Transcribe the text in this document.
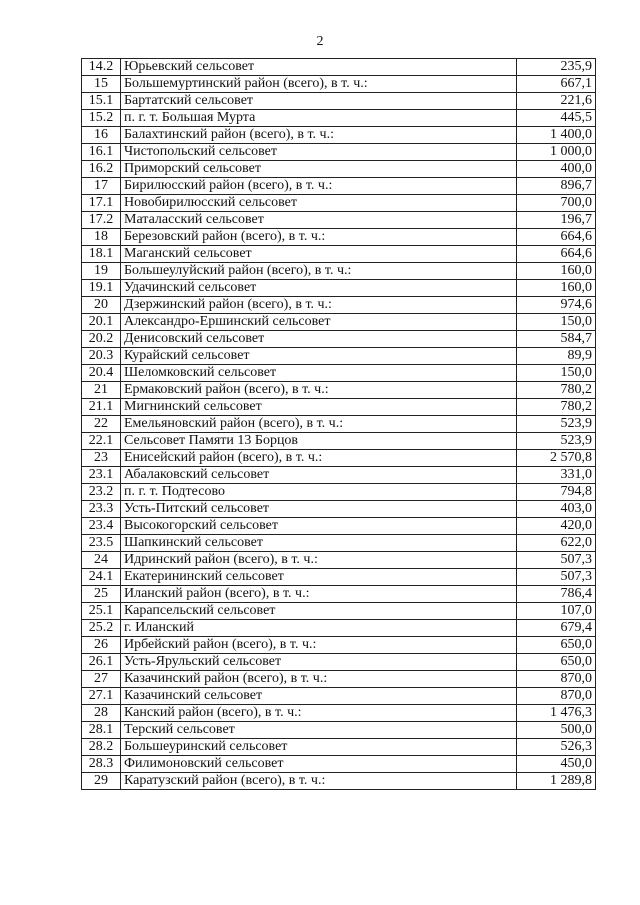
2
14.2	Юрьевский сельсовет	235,9
15	Большемуртинский район (всего), в т. ч.:	667,1
15.1	Бартатский сельсовет	221,6
15.2	п. г. т. Большая Мурта	445,5
16	Балахтинский район (всего), в т. ч.:	1 400,0
16.1	Чистопольский сельсовет	1 000,0
16.2	Приморский сельсовет	400,0
17	Бирилюсский район (всего), в т. ч.:	896,7
17.1	Новобирилюсский сельсовет	700,0
17.2	Маталасский сельсовет	196,7
18	Березовский район (всего), в т. ч.:	664,6
18.1	Маганский сельсовет	664,6
19	Большеулуйский район (всего), в т. ч.:	160,0
19.1	Удачинский сельсовет	160,0
20	Дзержинский район (всего), в т. ч.:	974,6
20.1	Александро-Ершинский сельсовет	150,0
20.2	Денисовский сельсовет	584,7
20.3	Курайский сельсовет	89,9
20.4	Шеломковский сельсовет	150,0
21	Ермаковский район (всего), в т. ч.:	780,2
21.1	Мигнинский сельсовет	780,2
22	Емельяновский район (всего), в т. ч.:	523,9
22.1	Сельсовет Памяти 13 Борцов	523,9
23	Енисейский район (всего), в т. ч.:	2 570,8
23.1	Абалаковский сельсовет	331,0
23.2	п. г. т. Подтесово	794,8
23.3	Усть-Питский сельсовет	403,0
23.4	Высокогорский сельсовет	420,0
23.5	Шапкинский сельсовет	622,0
24	Идринский район (всего), в т. ч.:	507,3
24.1	Екатерининский сельсовет	507,3
25	Иланский район (всего), в т. ч.:	786,4
25.1	Карапсельский сельсовет	107,0
25.2	г. Иланский	679,4
26	Ирбейский район (всего), в т. ч.:	650,0
26.1	Усть-Ярульский сельсовет	650,0
27	Казачинский район (всего), в т. ч.:	870,0
27.1	Казачинский сельсовет	870,0
28	Канский район (всего), в т. ч.:	1 476,3
28.1	Терский сельсовет	500,0
28.2	Большеуринский сельсовет	526,3
28.3	Филимоновский сельсовет	450,0
29	Каратузский район (всего), в т. ч.:	1 289,8
